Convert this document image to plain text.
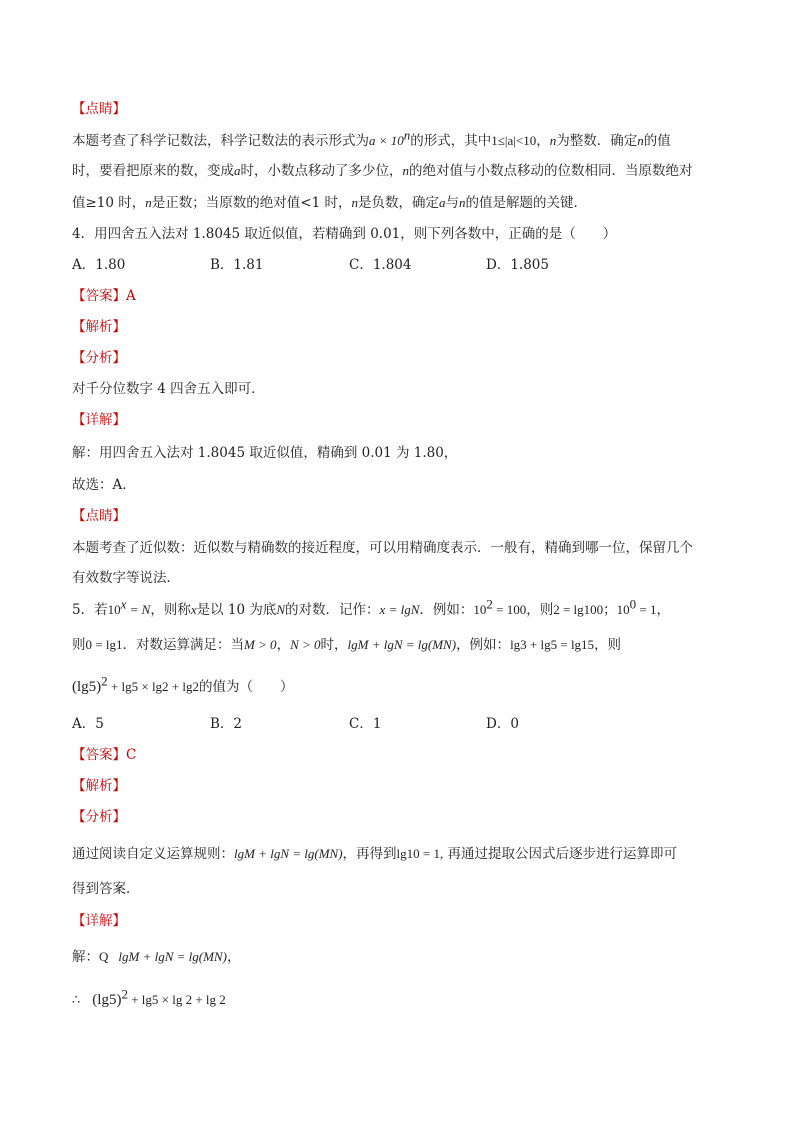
【点睛】
本题考查了科学记数法，科学记数法的表示形式为$a \times 10^n$的形式，其中1≤|a|<10，n为整数．确定n的值
时，要看把原来的数，变成a时，小数点移动了多少位，n的绝对值与小数点移动的位数相同．当原数绝对
值≥10 时，n是正数；当原数的绝对值<1 时，n是负数，确定a与n的值是解题的关键．
4．用四舍五入法对 1.8045 取近似值，若精确到 0.01，则下列各数中，正确的是（　　）
A．1.80	B．1.81	C．1.804	D．1.805
【答案】A
【解析】
【分析】
对千分位数字 4 四舍五入即可．
【详解】
解：用四舍五入法对 1.8045 取近似值，精确到 0.01 为 1.80，
故选：A．
【点睛】
本题考查了近似数：近似数与精确数的接近程度，可以用精确度表示．一般有，精确到哪一位，保留几个
有效数字等说法．
5．若$10^x = N$，则称x是以 10 为底N的对数．记作：x = lgN．例如：$10^2 = 100$，则2 = lg100；$10^0 = 1$，
则0 = lg1．对数运算满足：当M > 0，N > 0时，lgM + lgN = lg(MN)，例如：lg3 + lg5 = lg15，则
$(\lg 5)^2 + \lg 5 \times \lg 2 + \lg 2$的值为（　　）
A．5	B．2	C．1	D．0
【答案】C
【解析】
【分析】
通过阅读自定义运算规则：lgM + lgN = lg(MN)，再得到lg10 = 1, 再通过提取公因式后逐步进行运算即可
得到答案．
【详解】
解：Q lgM + lgN = lg(MN)，
∴ $(\lg 5)^2 + \lg 5 \times \lg 2 + \lg 2$
